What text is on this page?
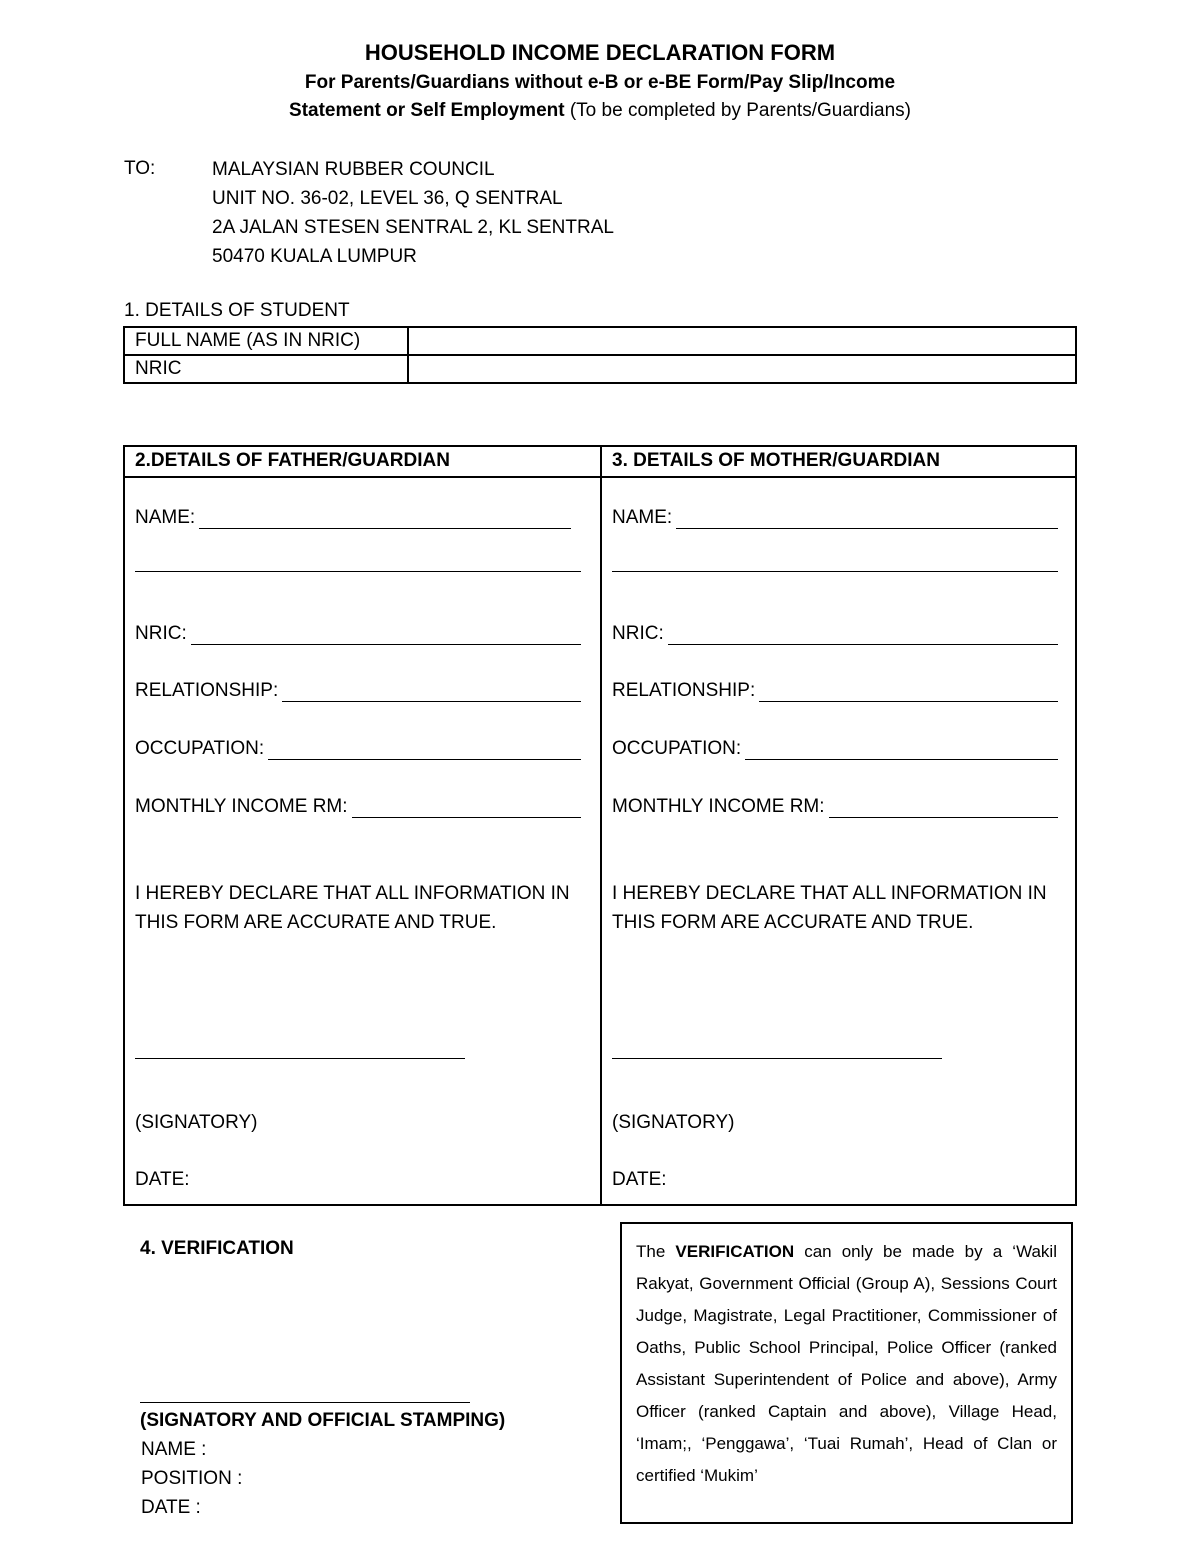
HOUSEHOLD INCOME DECLARATION FORM
For Parents/Guardians without e-B or e-BE Form/Pay Slip/Income
Statement or Self Employment (To be completed by Parents/Guardians)
TO:	MALAYSIAN RUBBER COUNCIL
UNIT NO. 36-02, LEVEL 36, Q SENTRAL
2A JALAN STESEN SENTRAL 2, KL SENTRAL
50470 KUALA LUMPUR
1. DETAILS OF STUDENT
FULL NAME (AS IN NRIC)	
NRIC	
2.DETAILS OF FATHER/GUARDIAN
NAME:
NRIC:
RELATIONSHIP:
OCCUPATION:
MONTHLY INCOME RM:
I HEREBY DECLARE THAT ALL INFORMATION IN THIS FORM ARE ACCURATE AND TRUE.
(SIGNATORY)
DATE:
3. DETAILS OF MOTHER/GUARDIAN
NAME:
NRIC:
RELATIONSHIP:
OCCUPATION:
MONTHLY INCOME RM:
I HEREBY DECLARE THAT ALL INFORMATION IN THIS FORM ARE ACCURATE AND TRUE.
(SIGNATORY)
DATE:
4. VERIFICATION
(SIGNATORY AND OFFICIAL STAMPING)
NAME :
POSITION :
DATE :
The VERIFICATION can only be made by a ‘Wakil Rakyat, Government Official (Group A), Sessions Court Judge, Magistrate, Legal Practitioner, Commissioner of Oaths, Public School Principal, Police Officer (ranked Assistant Superintendent of Police and above), Army Officer (ranked Captain and above), Village Head, ‘Imam;, ‘Penggawa’, ‘Tuai Rumah’, Head of Clan or certified ‘Mukim’
